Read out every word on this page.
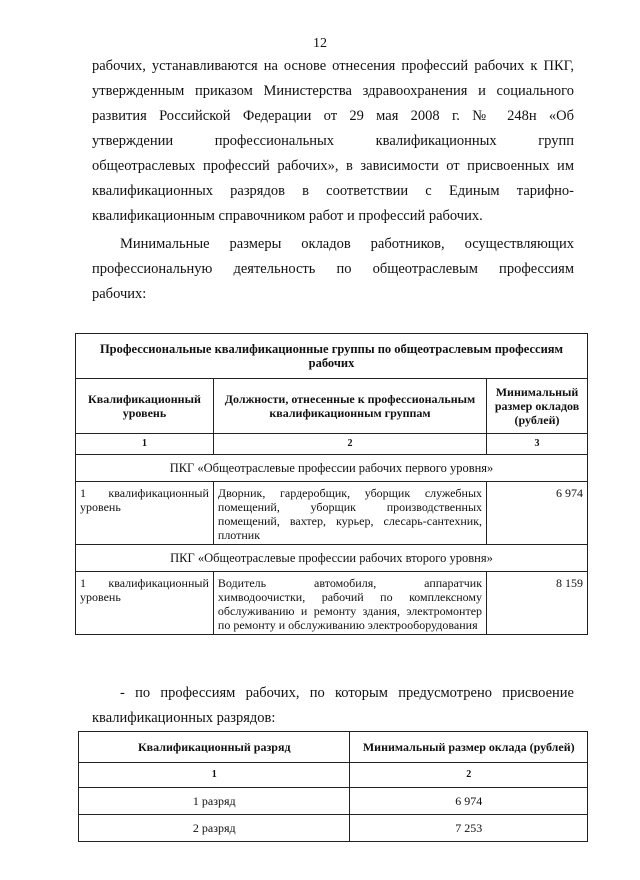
12
рабочих, устанавливаются на основе отнесения профессий рабочих к ПКГ,
утвержденным приказом Министерства здравоохранения и социального
развития Российской Федерации от 29 мая 2008 г. № 248н «Об
утверждении профессиональных квалификационных групп
общеотраслевых профессий рабочих», в зависимости от присвоенных им
квалификационных разрядов в соответствии с Единым тарифно-
квалификационным справочником работ и профессий рабочих.
Минимальные размеры окладов работников, осуществляющих
профессиональную деятельность по общеотраслевым профессиям
рабочих:
Профессиональные квалификационные группы по общеотраслевым профессиям рабочих		
Квалификационный уровень	Должности, отнесенные к профессиональным квалификационным группам	Минимальный размер окладов (рублей)
1	2	3
ПКГ «Общеотраслевые профессии рабочих первого уровня»		
1 квалификационный уровень	Дворник, гардеробщик, уборщик служебных помещений, уборщик производственных помещений, вахтер, курьер, слесарь-сантехник, плотник	6 974
ПКГ «Общеотраслевые профессии рабочих второго уровня»		
1 квалификационный уровень	Водитель автомобиля, аппаратчик химводоочистки, рабочий по комплексному обслуживанию и ремонту здания, электромонтер по ремонту и обслуживанию электрооборудования	8 159
- по профессиям рабочих, по которым предусмотрено присвоение
квалификационных разрядов:
Квалификационный разряд	Минимальный размер оклада (рублей)
1	2
1 разряд	6 974
2 разряд	7 253
